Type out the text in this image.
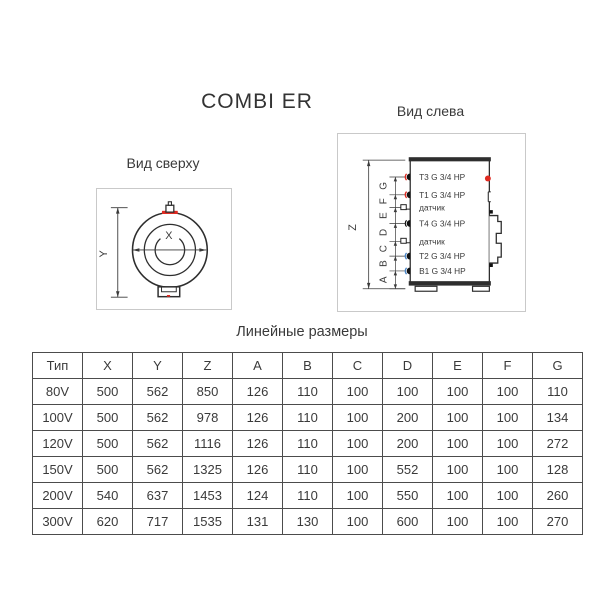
COMBI ER
Вид сверху
Y
X
Вид слева
Z
A
B
C
D
E
F
G
T3 G 3/4 HP
T1 G 3/4 HP
датчик
T4 G 3/4 HP
датчик
T2 G 3/4 HP
B1 G 3/4 HP
Линейные размеры
Тип	X	Y	Z	A	B	C	D	E	F	G
80V	500	562	850	126	110	100	100	100	100	110
100V	500	562	978	126	110	100	200	100	100	134
120V	500	562	1116	126	110	100	200	100	100	272
150V	500	562	1325	126	110	100	552	100	100	128
200V	540	637	1453	124	110	100	550	100	100	260
300V	620	717	1535	131	130	100	600	100	100	270
